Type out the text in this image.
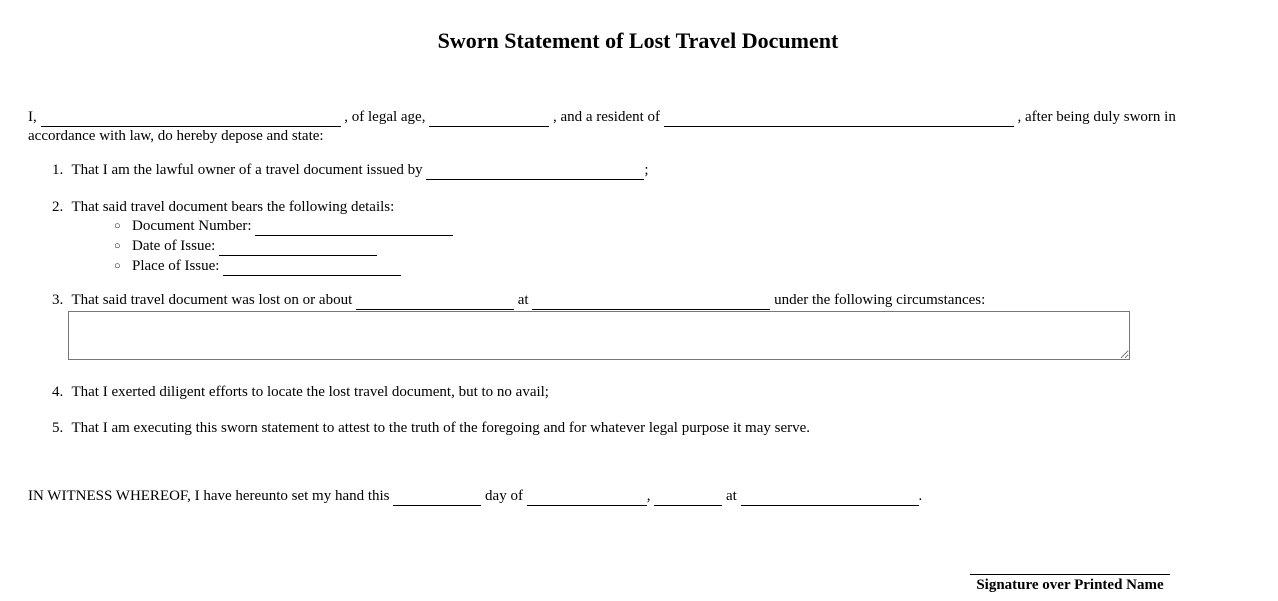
Sworn Statement of Lost Travel Document
I,	, of legal age,	, and a resident of	, after being duly sworn in accordance with law, do hereby depose and state:
1. That I am the lawful owner of a travel document issued by	;
2. That said travel document bears the following details:
○ Document Number:
○ Date of Issue:
○ Place of Issue:
3. That said travel document was lost on or about	at	under the following circumstances:
4. That I exerted diligent efforts to locate the lost travel document, but to no avail;
5. That I am executing this sworn statement to attest to the truth of the foregoing and for whatever legal purpose it may serve.
IN WITNESS WHEREOF, I have hereunto set my hand this	day of	,	at	.
Signature over Printed Name
